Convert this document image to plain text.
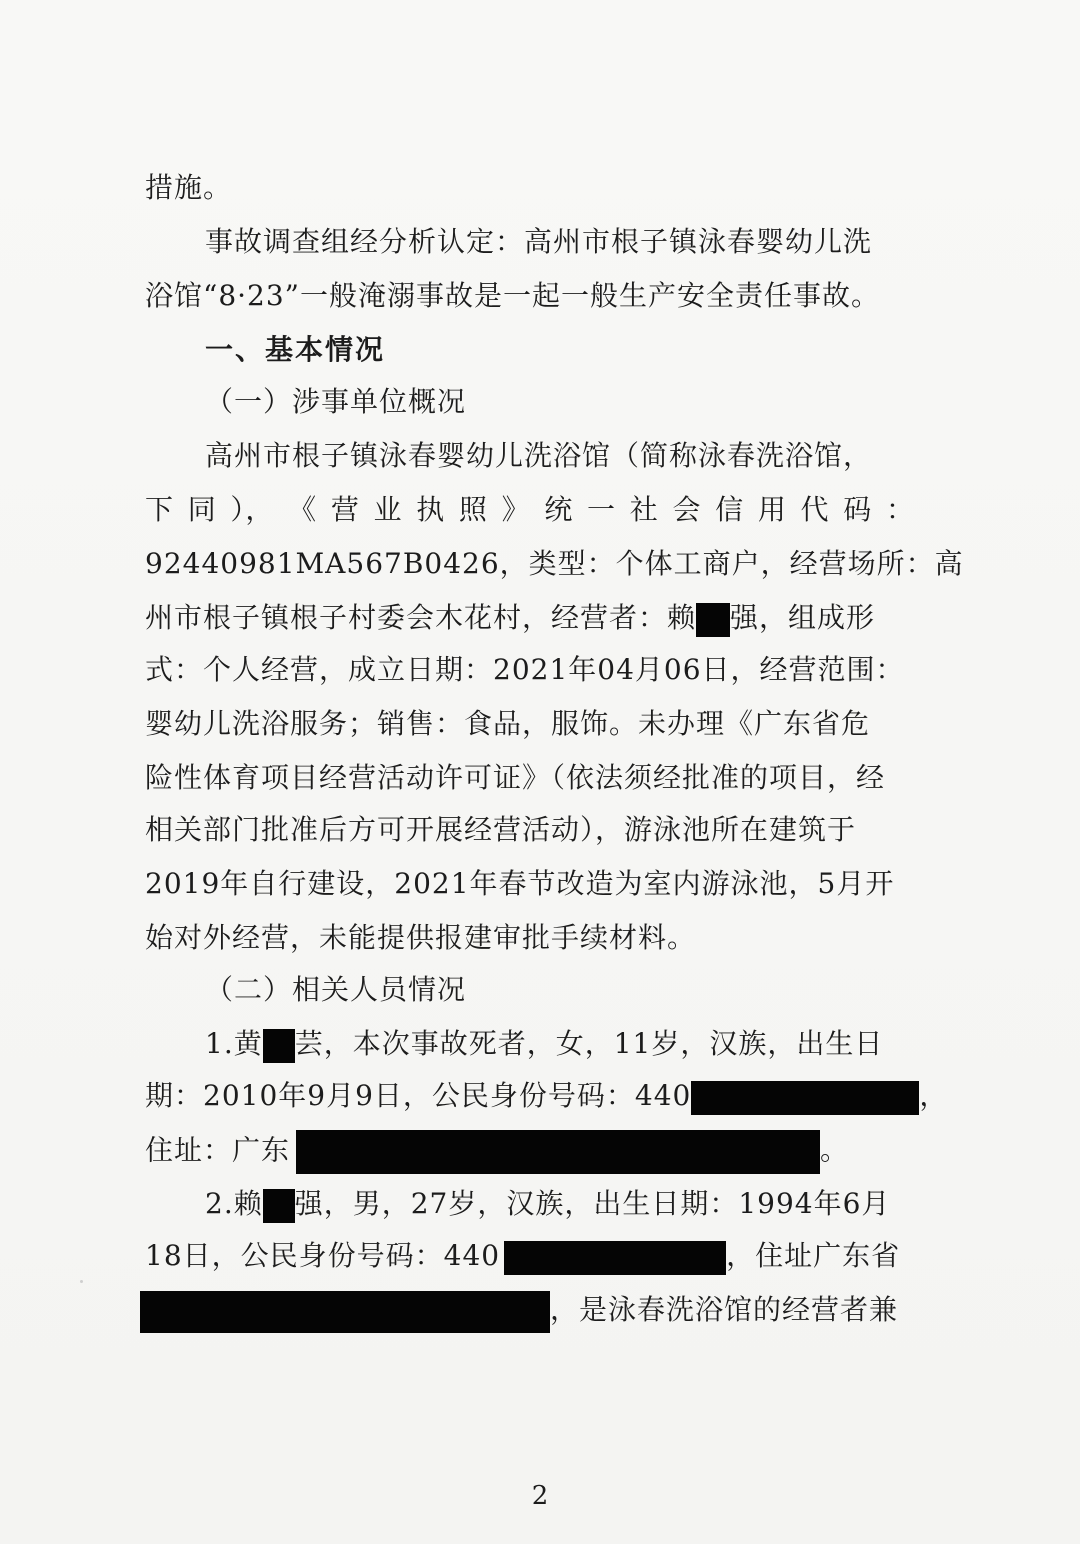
措施。
事故调查组经分析认定：高州市根子镇泳春婴幼儿洗
浴馆“8·23”一般淹溺事故是一起一般生产安全责任事故。
一、基本情况
（一）涉事单位概况
高州市根子镇泳春婴幼儿洗浴馆（简称泳春洗浴馆，
下 同 ）， 《 营 业 执 照 》 统 一 社 会 信 用 代 码 ：
92440981MA567B0426，类型：个体工商户，经营场所：高
州市根子镇根子村委会木花村，经营者：赖 强，组成形
式：个人经营，成立日期：2021年04月06日，经营范围：
婴幼儿洗浴服务；销售：食品，服饰。未办理《广东省危
险性体育项目经营活动许可证》（依法须经批准的项目，经
相关部门批准后方可开展经营活动），游泳池所在建筑于
2019年自行建设，2021年春节改造为室内游泳池，5月开
始对外经营，未能提供报建审批手续材料。
（二）相关人员情况
1.黄 芸，本次事故死者，女，11岁，汉族，出生日
期：2010年9月9日，公民身份号码：440	，
住址：广东	。
2.赖 强，男，27岁，汉族，出生日期：1994年6月
18日，公民身份号码：440	，住址广东省
，是泳春洗浴馆的经营者兼
2
